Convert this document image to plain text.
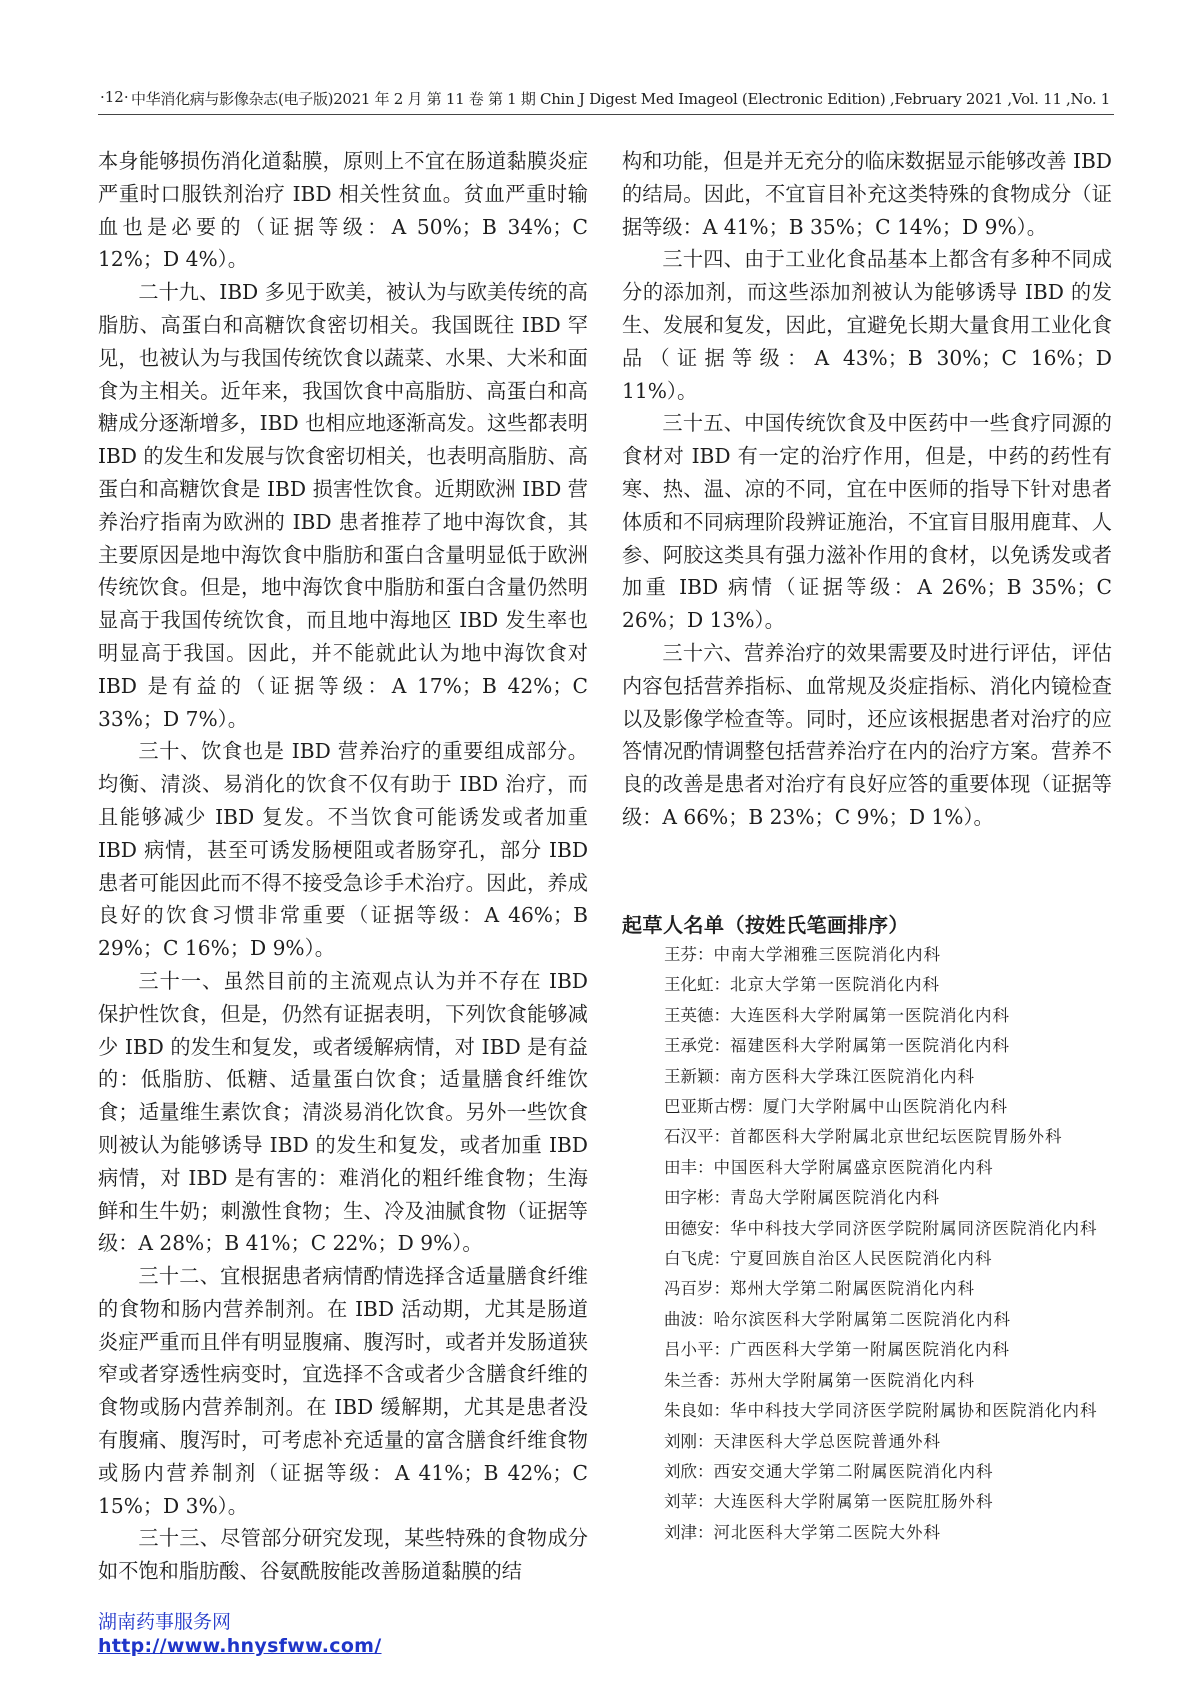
·12· 中华消化病与影像杂志(电子版)2021 年 2 月 第 11 卷 第 1 期 Chin J Digest Med Imageol (Electronic Edition) ,February 2021 ,Vol. 11 ,No. 1

本身能够损伤消化道黏膜，原则上不宜在肠道黏膜炎症严重时口服铁剂治疗 IBD 相关性贫血。贫血严重时输血也是必要的（证据等级：A 50%；B 34%；C 12%；D 4%）。

二十九、IBD 多见于欧美，被认为与欧美传统的高脂肪、高蛋白和高糖饮食密切相关。我国既往 IBD 罕见，也被认为与我国传统饮食以蔬菜、水果、大米和面食为主相关。近年来，我国饮食中高脂肪、高蛋白和高糖成分逐渐增多，IBD 也相应地逐渐高发。这些都表明 IBD 的发生和发展与饮食密切相关，也表明高脂肪、高蛋白和高糖饮食是 IBD 损害性饮食。近期欧洲 IBD 营养治疗指南为欧洲的 IBD 患者推荐了地中海饮食，其主要原因是地中海饮食中脂肪和蛋白含量明显低于欧洲传统饮食。但是，地中海饮食中脂肪和蛋白含量仍然明显高于我国传统饮食，而且地中海地区 IBD 发生率也明显高于我国。因此，并不能就此认为地中海饮食对 IBD 是有益的（证据等级：A 17%；B 42%；C 33%；D 7%）。

三十、饮食也是 IBD 营养治疗的重要组成部分。均衡、清淡、易消化的饮食不仅有助于 IBD 治疗，而且能够减少 IBD 复发。不当饮食可能诱发或者加重 IBD 病情，甚至可诱发肠梗阻或者肠穿孔，部分 IBD 患者可能因此而不得不接受急诊手术治疗。因此，养成良好的饮食习惯非常重要（证据等级：A 46%；B 29%；C 16%；D 9%）。

三十一、虽然目前的主流观点认为并不存在 IBD 保护性饮食，但是，仍然有证据表明，下列饮食能够减少 IBD 的发生和复发，或者缓解病情，对 IBD 是有益的：低脂肪、低糖、适量蛋白饮食；适量膳食纤维饮食；适量维生素饮食；清淡易消化饮食。另外一些饮食则被认为能够诱导 IBD 的发生和复发，或者加重 IBD 病情，对 IBD 是有害的：难消化的粗纤维食物；生海鲜和生牛奶；刺激性食物；生、冷及油腻食物（证据等级：A 28%；B 41%；C 22%；D 9%）。

三十二、宜根据患者病情酌情选择含适量膳食纤维的食物和肠内营养制剂。在 IBD 活动期，尤其是肠道炎症严重而且伴有明显腹痛、腹泻时，或者并发肠道狭窄或者穿透性病变时，宜选择不含或者少含膳食纤维的食物或肠内营养制剂。在 IBD 缓解期，尤其是患者没有腹痛、腹泻时，可考虑补充适量的富含膳食纤维食物或肠内营养制剂（证据等级：A 41%；B 42%；C 15%；D 3%）。

三十三、尽管部分研究发现，某些特殊的食物成分如不饱和脂肪酸、谷氨酰胺能改善肠道黏膜的结

构和功能，但是并无充分的临床数据显示能够改善 IBD 的结局。因此，不宜盲目补充这类特殊的食物成分（证据等级：A 41%；B 35%；C 14%；D 9%）。

三十四、由于工业化食品基本上都含有多种不同成分的添加剂，而这些添加剂被认为能够诱导 IBD 的发生、发展和复发，因此，宜避免长期大量食用工业化食品（证据等级：A 43%；B 30%；C 16%；D 11%）。

三十五、中国传统饮食及中医药中一些食疗同源的食材对 IBD 有一定的治疗作用，但是，中药的药性有寒、热、温、凉的不同，宜在中医师的指导下针对患者体质和不同病理阶段辨证施治，不宜盲目服用鹿茸、人参、阿胶这类具有强力滋补作用的食材，以免诱发或者加重 IBD 病情（证据等级：A 26%；B 35%；C 26%；D 13%）。

三十六、营养治疗的效果需要及时进行评估，评估内容包括营养指标、血常规及炎症指标、消化内镜检查以及影像学检查等。同时，还应该根据患者对治疗的应答情况酌情调整包括营养治疗在内的治疗方案。营养不良的改善是患者对治疗有良好应答的重要体现（证据等级：A 66%；B 23%；C 9%；D 1%）。

起草人名单（按姓氏笔画排序）
王芬： 中南大学湘雅三医院消化内科
王化虹： 北京大学第一医院消化内科
王英德： 大连医科大学附属第一医院消化内科
王承党： 福建医科大学附属第一医院消化内科
王新颖： 南方医科大学珠江医院消化内科
巴亚斯古楞： 厦门大学附属中山医院消化内科
石汉平： 首都医科大学附属北京世纪坛医院胃肠外科
田丰： 中国医科大学附属盛京医院消化内科
田字彬： 青岛大学附属医院消化内科
田德安： 华中科技大学同济医学院附属同济医院消化内科
白飞虎： 宁夏回族自治区人民医院消化内科
冯百岁： 郑州大学第二附属医院消化内科
曲波： 哈尔滨医科大学附属第二医院消化内科
吕小平： 广西医科大学第一附属医院消化内科
朱兰香： 苏州大学附属第一医院消化内科
朱良如： 华中科技大学同济医学院附属协和医院消化内科
刘刚： 天津医科大学总医院普通外科
刘欣： 西安交通大学第二附属医院消化内科
刘苹： 大连医科大学附属第一医院肛肠外科
刘津： 河北医科大学第二医院大外科
湖南药事服务网
http://www.hnysfww.com/
